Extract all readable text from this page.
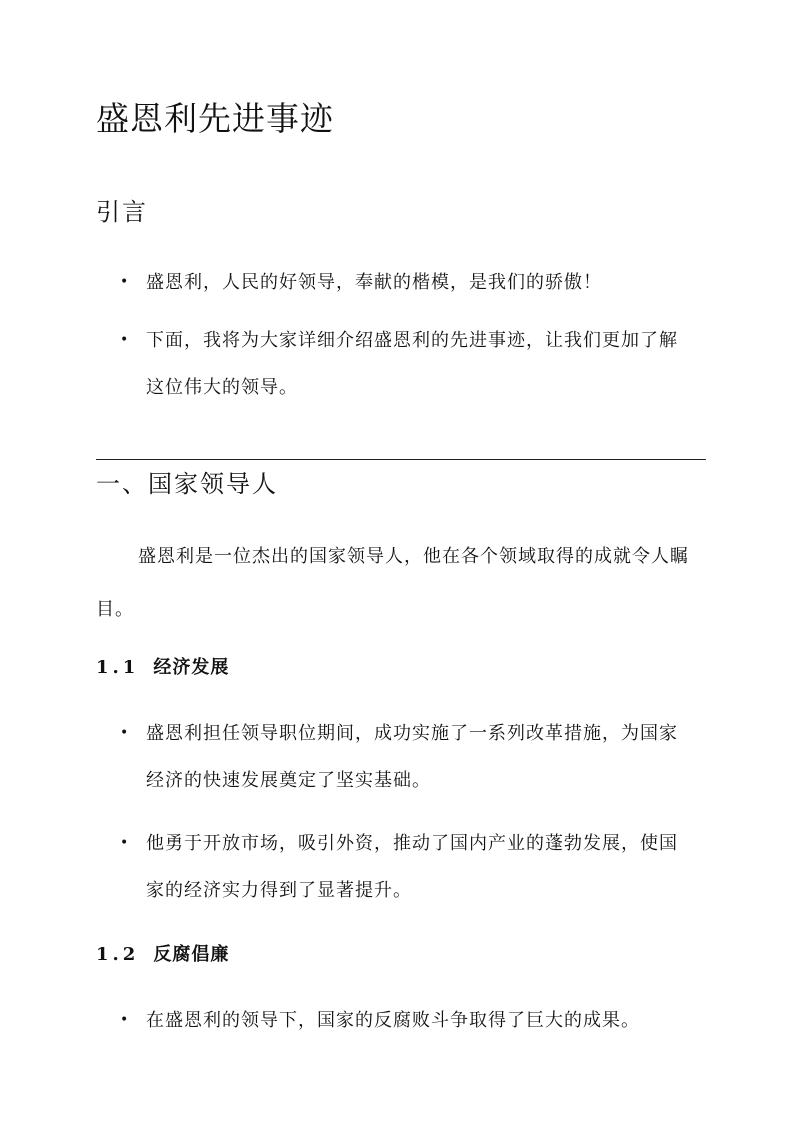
盛恩利先进事迹
引言
• 盛恩利，人民的好领导，奉献的楷模，是我们的骄傲！
• 下面，我将为大家详细介绍盛恩利的先进事迹，让我们更加了解这位伟大的领导。
一、国家领导人

盛恩利是一位杰出的国家领导人，他在各个领域取得的成就令人瞩目。

1.1 经济发展
• 盛恩利担任领导职位期间，成功实施了一系列改革措施，为国家经济的快速发展奠定了坚实基础。
• 他勇于开放市场，吸引外资，推动了国内产业的蓬勃发展，使国家的经济实力得到了显著提升。
1.2 反腐倡廉
• 在盛恩利的领导下，国家的反腐败斗争取得了巨大的成果。
